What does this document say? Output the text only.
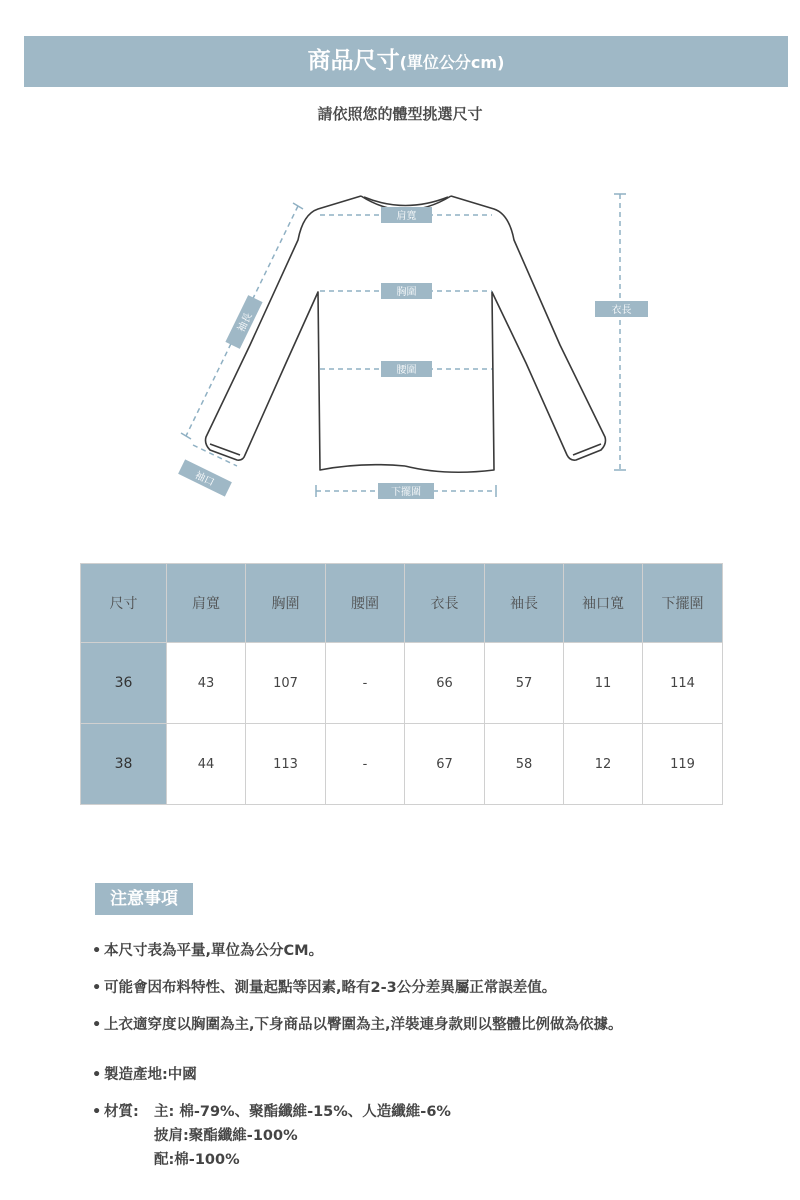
商品尺寸(單位公分cm)
請依照您的體型挑選尺寸
肩寬
胸圍
腰圍
下擺圍
衣長
袖長
袖口
尺寸	肩寬	胸圍	腰圍	衣長	袖長	袖口寬	下擺圍
36	43	107	-	66	57	11	114
38	44	113	-	67	58	12	119
注意事項
• 本尺寸表為平量,單位為公分CM。
• 可能會因布料特性、測量起點等因素,略有2-3公分差異屬正常誤差值。
• 上衣適穿度以胸圍為主,下身商品以臀圍為主,洋裝連身款則以整體比例做為依據。
• 製造產地:中國
• 材質: 主: 棉-79%、聚酯纖維-15%、人造纖維-6%
披肩:聚酯纖維-100%
配:棉-100%
